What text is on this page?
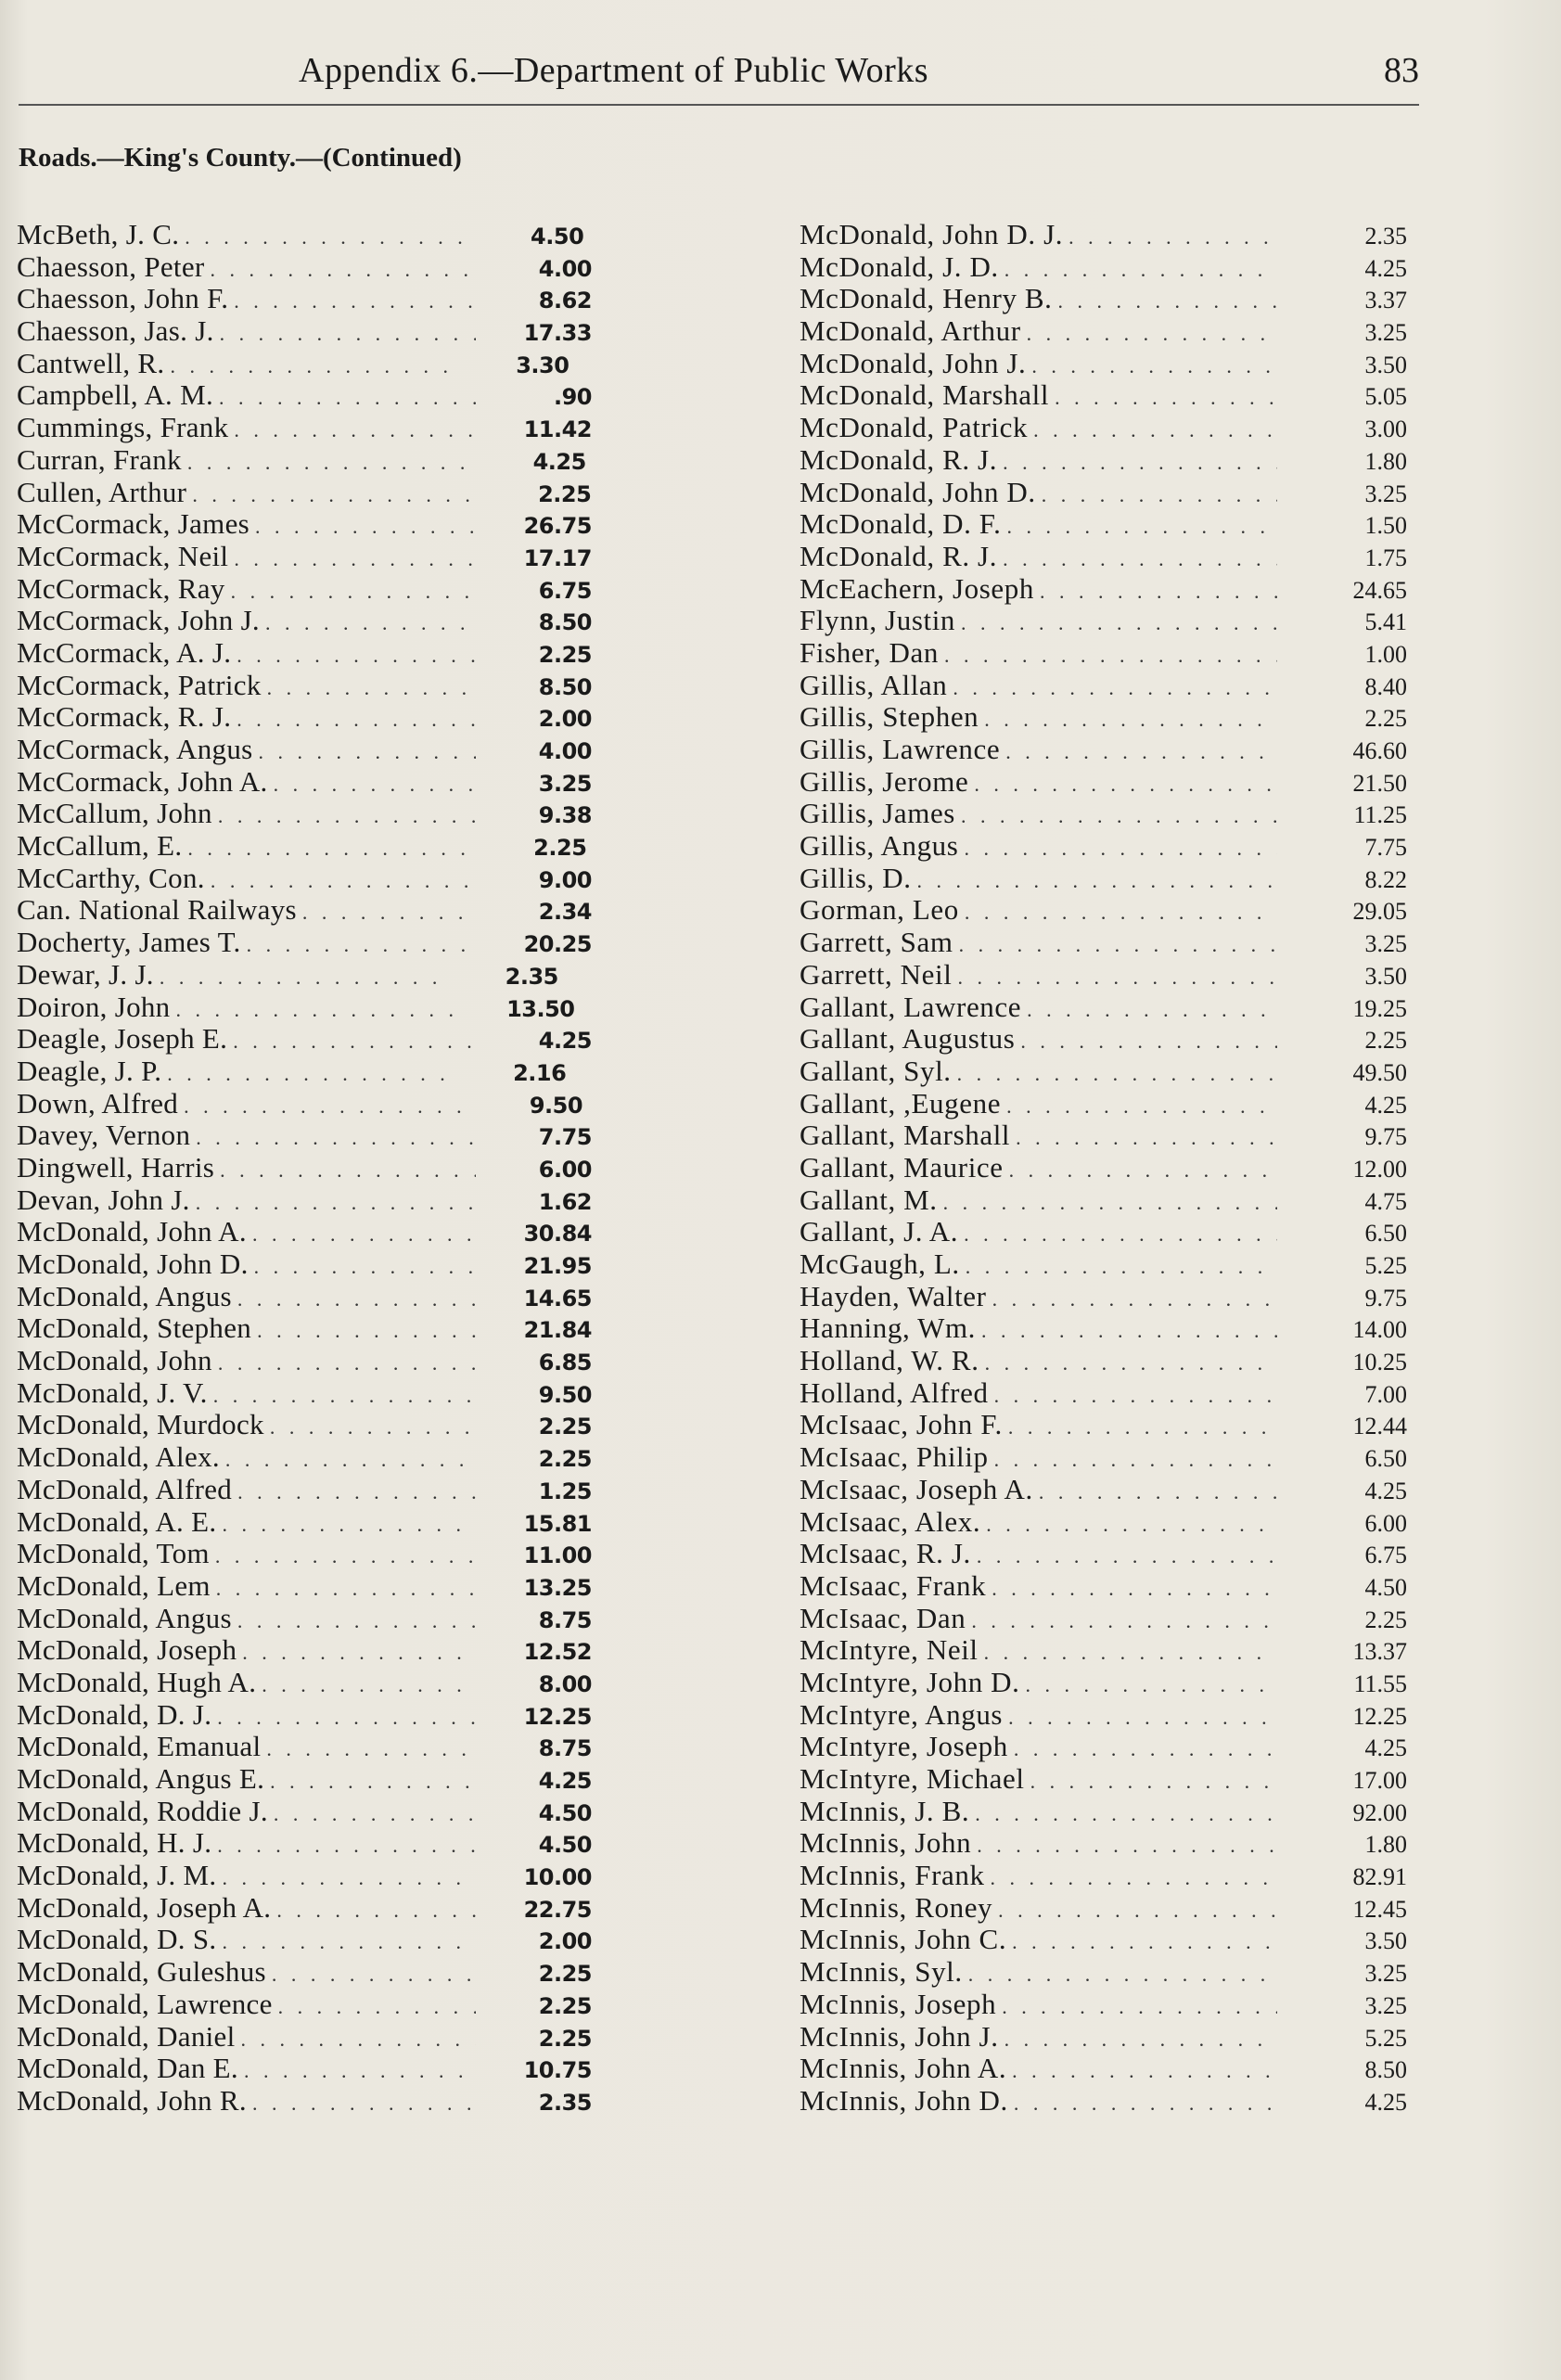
Appendix 6.—Department of Public Works	83
Roads.—King's County.—(Continued)
McBeth, J. C. . . .	4.50
Chaesson, Peter . . .	4.00
Chaesson, John F. . . .	8.62
Chaesson, Jas. J. . . .	17.33
Cantwell, R. . . .	3.30
Campbell, A. M. . . .	.90
Cummings, Frank . . .	11.42
Curran, Frank . . .	4.25
Cullen, Arthur . . .	2.25
McCormack, James . . .	26.75
McCormack, Neil . . .	17.17
McCormack, Ray . . .	6.75
McCormack, John J. . . .	8.50
McCormack, A. J. . . .	2.25
McCormack, Patrick . . .	8.50
McCormack, R. J. . . .	2.00
McCormack, Angus . . .	4.00
McCormack, John A. . . .	3.25
McCallum, John . . .	9.38
McCallum, E. . . .	2.25
McCarthy, Con. . . .	9.00
Can. National Railways . . .	2.34
Docherty, James T. . . .	20.25
Dewar, J. J. . . .	2.35
Doiron, John . . .	13.50
Deagle, Joseph E. . . .	4.25
Deagle, J. P. . . .	2.16
Down, Alfred . . .	9.50
Davey, Vernon . . .	7.75
Dingwell, Harris . . .	6.00
Devan, John J. . . .	1.62
McDonald, John A. . . .	30.84
McDonald, John D. . . .	21.95
McDonald, Angus . . .	14.65
McDonald, Stephen . . .	21.84
McDonald, John . . .	6.85
McDonald, J. V. . . .	9.50
McDonald, Murdock . . .	2.25
McDonald, Alex. . . .	2.25
McDonald, Alfred . . .	1.25
McDonald, A. E. . . .	15.81
McDonald, Tom . . .	11.00
McDonald, Lem . . .	13.25
McDonald, Angus . . .	8.75
McDonald, Joseph . . .	12.52
McDonald, Hugh A. . . .	8.00
McDonald, D. J. . . .	12.25
McDonald, Emanual . . .	8.75
McDonald, Angus E. . . .	4.25
McDonald, Roddie J. . . .	4.50
McDonald, H. J. . . .	4.50
McDonald, J. M. . . .	10.00
McDonald, Joseph A. . . .	22.75
McDonald, D. S. . . .	2.00
McDonald, Guleshus . . .	2.25
McDonald, Lawrence . . .	2.25
McDonald, Daniel . . .	2.25
McDonald, Dan E. . . .	10.75
McDonald, John R. . . .	2.35
McDonald, John D. J. . . .	2.35
McDonald, J. D. . . .	4.25
McDonald, Henry B. . . .	3.37
McDonald, Arthur . . .	3.25
McDonald, John J. . . .	3.50
McDonald, Marshall . . .	5.05
McDonald, Patrick . . .	3.00
McDonald, R. J. . . .	1.80
McDonald, John D. . . .	3.25
McDonald, D. F. . . .	1.50
McDonald, R. J. . . .	1.75
McEachern, Joseph . . .	24.65
Flynn, Justin . . .	5.41
Fisher, Dan . . .	1.00
Gillis, Allan . . .	8.40
Gillis, Stephen . . .	2.25
Gillis, Lawrence . . .	46.60
Gillis, Jerome . . .	21.50
Gillis, James . . .	11.25
Gillis, Angus . . .	7.75
Gillis, D. . . .	8.22
Gorman, Leo . . .	29.05
Garrett, Sam . . .	3.25
Garrett, Neil . . .	3.50
Gallant, Lawrence . . .	19.25
Gallant, Augustus . . .	2.25
Gallant, Syl. . . .	49.50
Gallant, ,Eugene . . .	4.25
Gallant, Marshall . . .	9.75
Gallant, Maurice . . .	12.00
Gallant, M. . . .	4.75
Gallant, J. A. . . .	6.50
McGaugh, L. . . .	5.25
Hayden, Walter . . .	9.75
Hanning, Wm. . . .	14.00
Holland, W. R. . . .	10.25
Holland, Alfred . . .	7.00
McIsaac, John F. . . .	12.44
McIsaac, Philip . . .	6.50
McIsaac, Joseph A. . . .	4.25
McIsaac, Alex. . . .	6.00
McIsaac, R. J. . . .	6.75
McIsaac, Frank . . .	4.50
McIsaac, Dan . . .	2.25
McIntyre, Neil . . .	13.37
McIntyre, John D. . . .	11.55
McIntyre, Angus . . .	12.25
McIntyre, Joseph . . .	4.25
McIntyre, Michael . . .	17.00
McInnis, J. B. . . .	92.00
McInnis, John . . .	1.80
McInnis, Frank . . .	82.91
McInnis, Roney . . .	12.45
McInnis, John C. . . .	3.50
McInnis, Syl. . . .	3.25
McInnis, Joseph . . .	3.25
McInnis, John J. . . .	5.25
McInnis, John A. . . .	8.50
McInnis, John D. . . .	4.25
